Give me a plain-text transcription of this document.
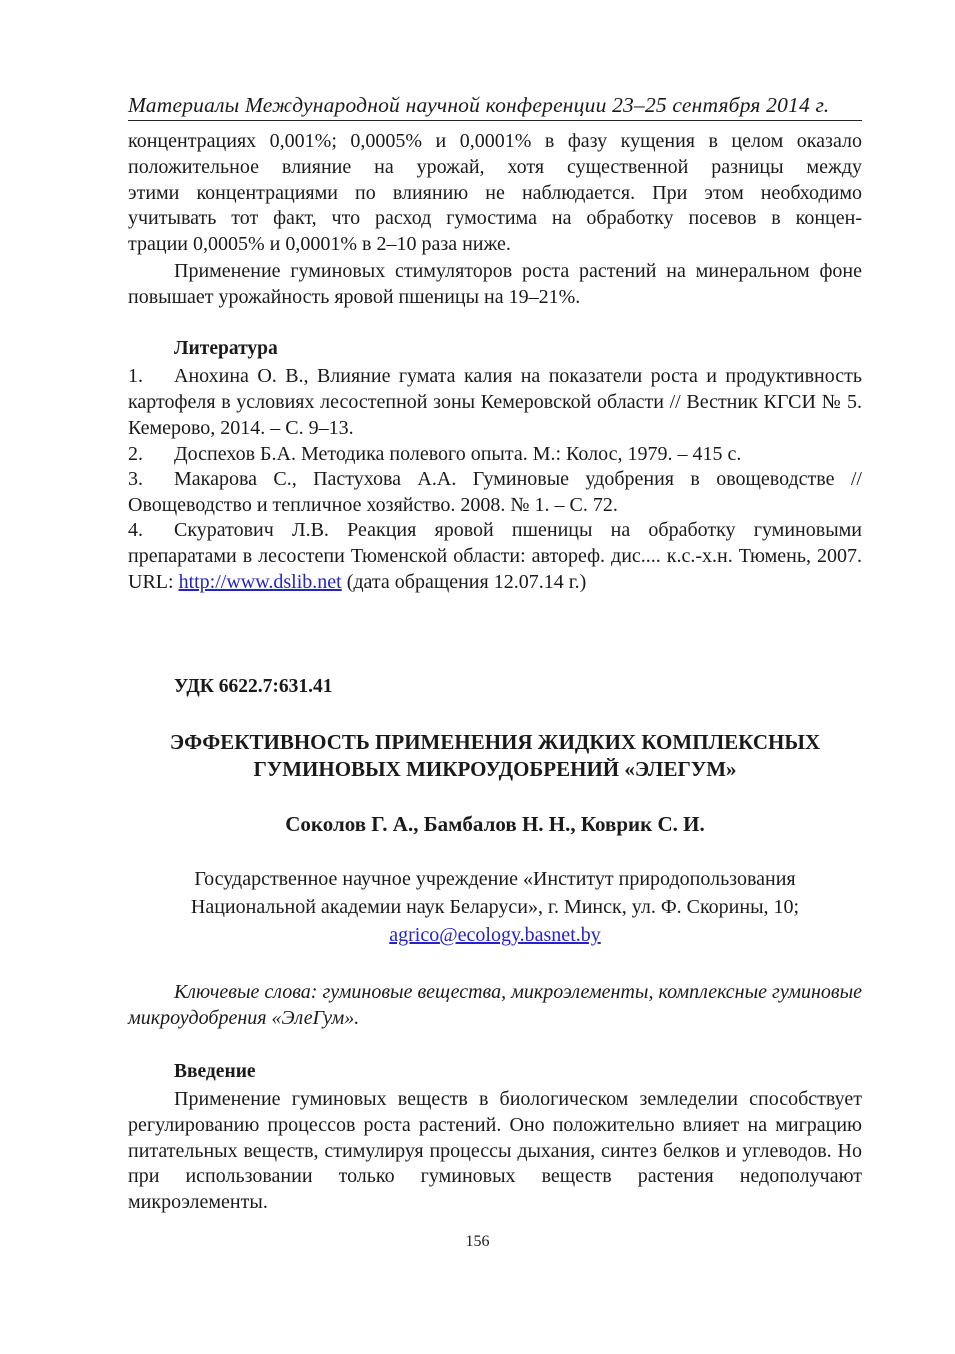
Материалы Международной научной конференции 23–25 сентября 2014 г.
концентрациях 0,001%; 0,0005% и 0,0001% в фазу кущения в целом оказало
положительное влияние на урожай, хотя существенной разницы между
этими концентрациями по влиянию не наблюдается. При этом необходимо
учитывать тот факт, что расход гумостима на обработку посевов в концен-
трации 0,0005% и 0,0001% в 2–10 раза ниже.
Применение гуминовых стимуляторов роста растений на минеральном фоне повышает урожайность яровой пшеницы на 19–21%.
Литература
1. Анохина О. В., Влияние гумата калия на показатели роста и продуктивность картофеля в условиях лесостепной зоны Кемеровской области // Вестник КГСИ № 5. Кемерово, 2014. – С. 9–13.
2. Доспехов Б.А. Методика полевого опыта. М.: Колос, 1979. – 415 с.
3. Макарова С., Пастухова А.А. Гуминовые удобрения в овощеводстве // Овощеводство и тепличное хозяйство. 2008. № 1. – С. 72.
4. Скуратович Л.В. Реакция яровой пшеницы на обработку гуминовыми препаратами в лесостепи Тюменской области: автореф. дис.... к.с.-х.н. Тюмень, 2007. URL: http://www.dslib.net (дата обращения 12.07.14 г.)
УДК 6622.7:631.41
ЭФФЕКТИВНОСТЬ ПРИМЕНЕНИЯ ЖИДКИХ КОМПЛЕКСНЫХ
ГУМИНОВЫХ МИКРОУДОБРЕНИЙ «ЭЛЕГУМ»
Соколов Г. А., Бамбалов Н. Н., Коврик С. И.
Государственное научное учреждение «Институт природопользования
Национальной академии наук Беларуси», г. Минск, ул. Ф. Скорины, 10;
agrico@ecology.basnet.by
Ключевые слова: гуминовые вещества, микроэлементы, комплексные гуминовые микроудобрения «ЭлеГум».
Введение
Применение гуминовых веществ в биологическом земледелии способствует регулированию процессов роста растений. Оно положительно влияет на миграцию питательных веществ, стимулируя процессы дыхания, синтез белков и углеводов. Но при использовании только гуминовых веществ растения недополучают микроэлементы.
156
